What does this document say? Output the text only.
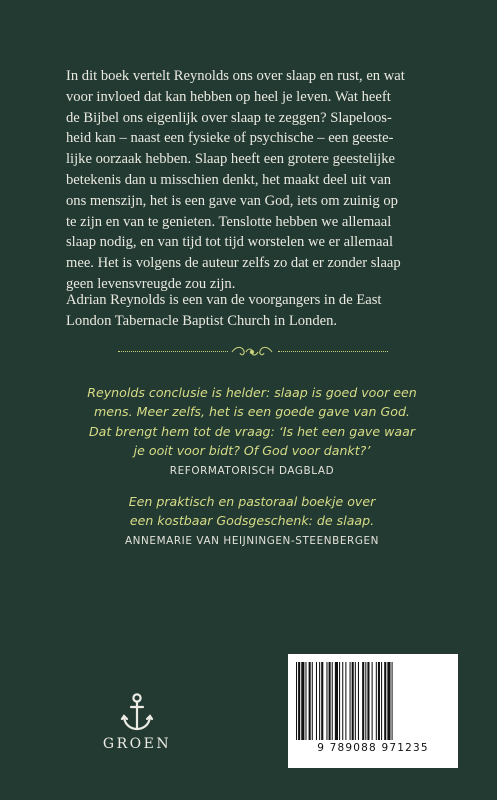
In dit boek vertelt Reynolds ons over slaap en rust, en wat
voor invloed dat kan hebben op heel je leven. Wat heeft
de Bijbel ons eigenlijk over slaap te zeggen? Slapeloos-
heid kan – naast een fysieke of psychische – een geeste-
lijke oorzaak hebben. Slaap heeft een grotere geestelijke
betekenis dan u misschien denkt, het maakt deel uit van
ons menszijn, het is een gave van God, iets om zuinig op
te zijn en van te genieten. Tenslotte hebben we allemaal
slaap nodig, en van tijd tot tijd worstelen we er allemaal
mee. Het is volgens de auteur zelfs zo dat er zonder slaap
geen levensvreugde zou zijn.
Adrian Reynolds is een van de voorgangers in de East
London Tabernacle Baptist Church in Londen.
Reynolds conclusie is helder: slaap is goed voor een
mens. Meer zelfs, het is een goede gave van God.
Dat brengt hem tot de vraag: ‘Is het een gave waar
je ooit voor bidt? Of God voor dankt?’
REFORMATORISCH DAGBLAD
Een praktisch en pastoraal boekje over
een kostbaar Godsgeschenk: de slaap.
ANNEMARIE VAN HEIJNINGEN-STEENBERGEN
GROEN	9 789088 971235
